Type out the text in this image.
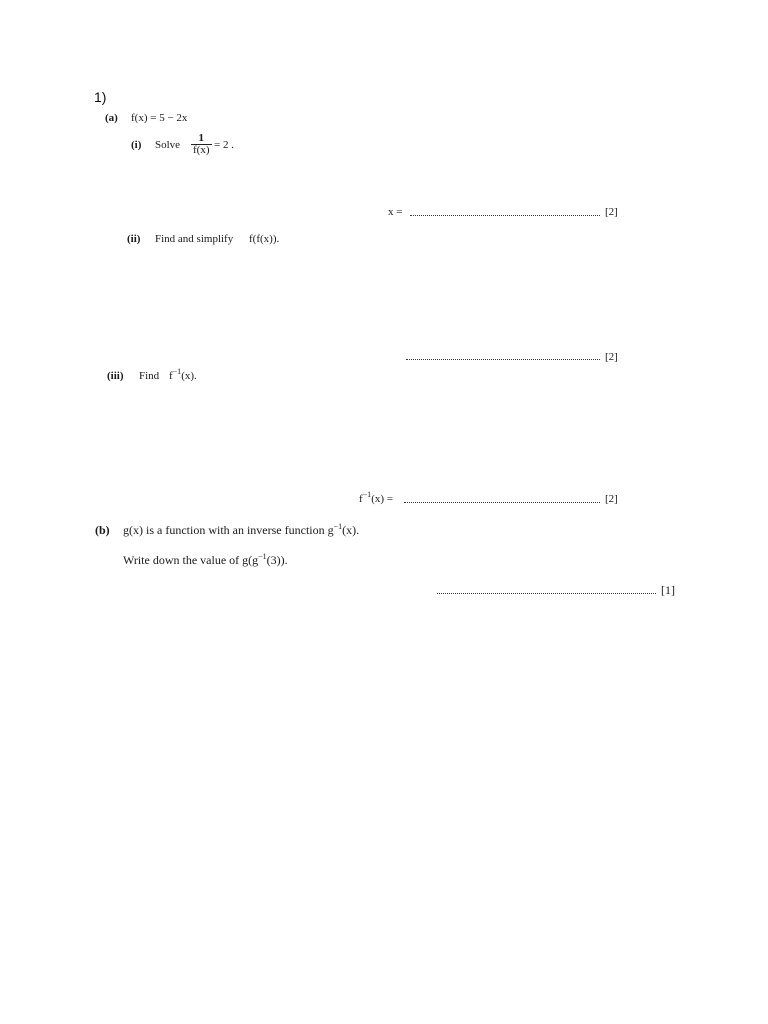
1)
(a) f(x) = 5 − 2x
(i) Solve $\frac{1}{f(x)} = 2$ .
x =	[2]
(ii) Find and simplify f(f(x)).
[2]
(iii) Find $f^{-1}(x)$.
$f^{-1}(x)$ =	[2]
(b) g(x) is a function with an inverse function $g^{-1}(x)$.
Write down the value of $g(g^{-1}(3))$.
[1]
